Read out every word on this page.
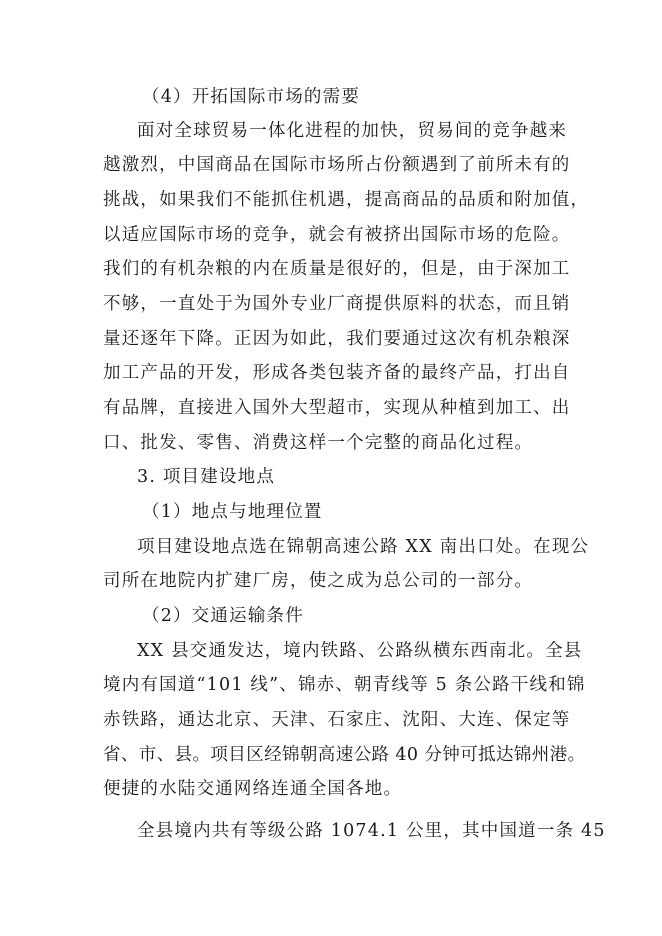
（4）开拓国际市场的需要
面对全球贸易一体化进程的加快，贸易间的竞争越来
越激烈，中国商品在国际市场所占份额遇到了前所未有的
挑战，如果我们不能抓住机遇，提高商品的品质和附加值，
以适应国际市场的竞争，就会有被挤出国际市场的危险。
我们的有机杂粮的内在质量是很好的，但是，由于深加工
不够，一直处于为国外专业厂商提供原料的状态，而且销
量还逐年下降。正因为如此，我们要通过这次有机杂粮深
加工产品的开发，形成各类包装齐备的最终产品，打出自
有品牌，直接进入国外大型超市，实现从种植到加工、出
口、批发、零售、消费这样一个完整的商品化过程。
3. 项目建设地点
（1）地点与地理位置
项目建设地点选在锦朝高速公路 XX 南出口处。在现公
司所在地院内扩建厂房，使之成为总公司的一部分。
（2）交通运输条件
XX 县交通发达，境内铁路、公路纵横东西南北。全县
境内有国道“101 线”、锦赤、朝青线等 5 条公路干线和锦
赤铁路，通达北京、天津、石家庄、沈阳、大连、保定等
省、市、县。项目区经锦朝高速公路 40 分钟可抵达锦州港。
便捷的水陆交通网络连通全国各地。
全县境内共有等级公路 1074.1 公里，其中国道一条 45
